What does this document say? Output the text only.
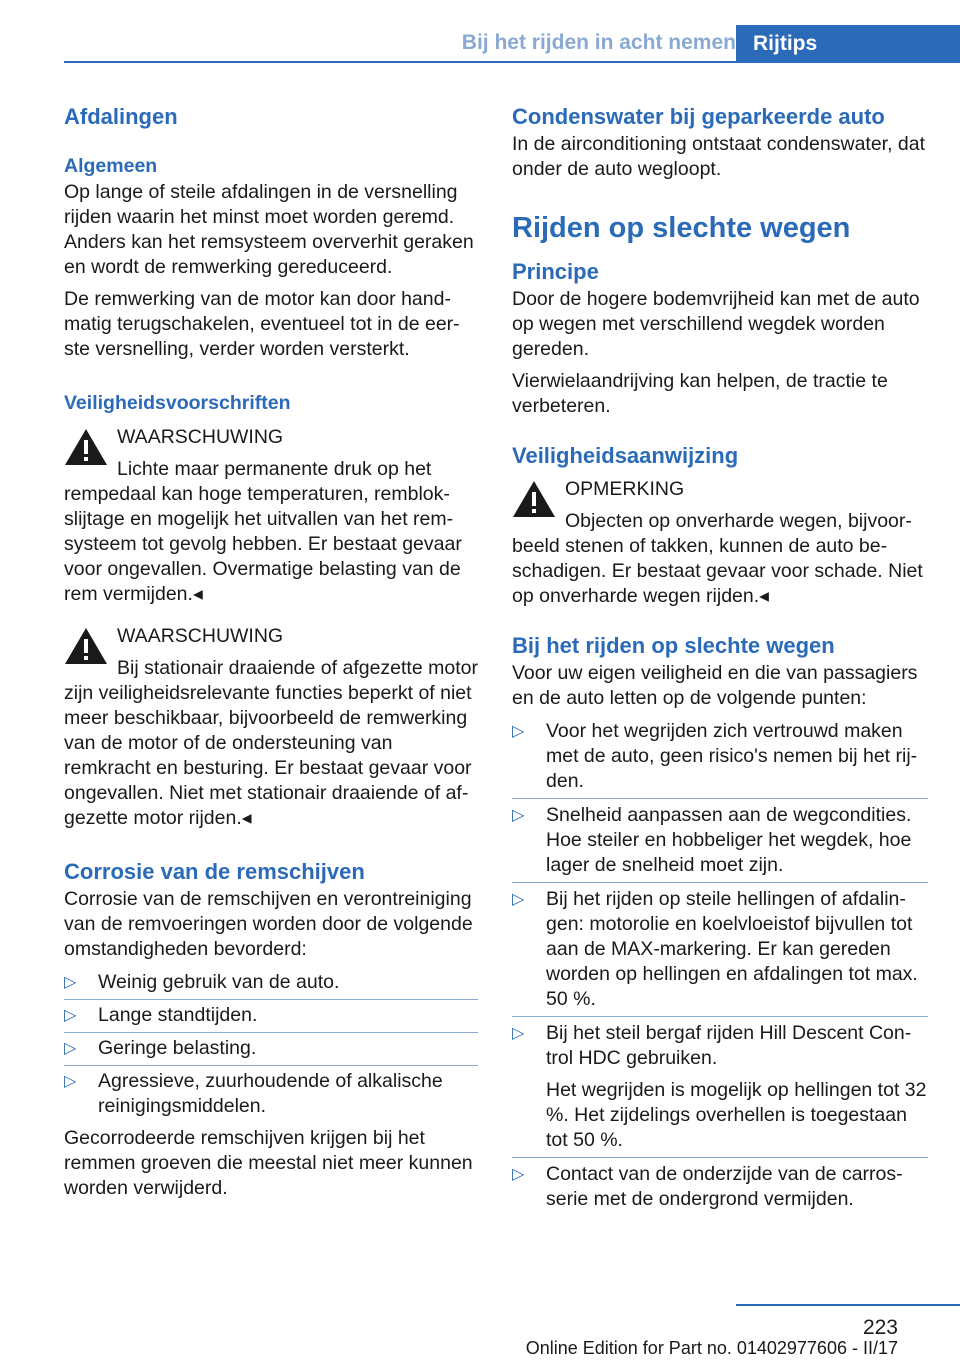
Bij het rijden in acht nemen Rijtips
Afdalingen
Algemeen

Op lange of steile afdalingen in de versnelling rijden waarin het minst moet worden geremd. Anders kan het remsysteem oververhit geraken en wordt de remwerking gereduceerd.

De remwerking van de motor kan door handmatig terugschakelen, eventueel tot in de eerste versnelling, verder worden versterkt.

Veiligheidsvoorschriften

WAARSCHUWING

Lichte maar permanente druk op het rempedaal kan hoge temperaturen, remblokslijtage en mogelijk het uitvallen van het remsysteem tot gevolg hebben. Er bestaat gevaar voor ongevallen. Overmatige belasting van de rem vermijden.◂

WAARSCHUWING

Bij stationair draaiende of afgezette motor zijn veiligheidsrelevante functies beperkt of niet meer beschikbaar, bijvoorbeeld de remwerking van de motor of de ondersteuning van remkracht en besturing. Er bestaat gevaar voor ongevallen. Niet met stationair draaiende of afgezette motor rijden.◂

Corrosie van de remschijven

Corrosie van de remschijven en verontreiniging van de remvoeringen worden door de volgende omstandigheden bevorderd:

▷ Weinig gebruik van de auto.
▷ Lange standtijden.
▷ Geringe belasting.
▷ Agressieve, zuurhoudende of alkalische reinigingsmiddelen.

Gecorrodeerde remschijven krijgen bij het remmen groeven die meestal niet meer kunnen worden verwijderd.

Condenswater bij geparkeerde auto

In de airconditioning ontstaat condenswater, dat onder de auto wegloopt.

Rijden op slechte wegen
Principe

Door de hogere bodemvrijheid kan met de auto op wegen met verschillend wegdek worden gereden.

Vierwielaandrijving kan helpen, de tractie te verbeteren.

Veiligheidsaanwijzing

OPMERKING

Objecten op onverharde wegen, bijvoorbeeld stenen of takken, kunnen de auto beschadigen. Er bestaat gevaar voor schade. Niet op onverharde wegen rijden.◂

Bij het rijden op slechte wegen

Voor uw eigen veiligheid en die van passagiers en de auto letten op de volgende punten:

▷ Voor het wegrijden zich vertrouwd maken met de auto, geen risico's nemen bij het rijden.
▷ Snelheid aanpassen aan de wegcondities. Hoe steiler en hobbeliger het wegdek, hoe lager de snelheid moet zijn.
▷ Bij het rijden op steile hellingen of afdalingen: motorolie en koelvloeistof bijvullen tot aan de MAX-markering. Er kan gereden worden op hellingen en afdalingen tot max. 50 %.
▷ Bij het steil bergaf rijden Hill Descent Control HDC gebruiken.
Het wegrijden is mogelijk op hellingen tot 32 %. Het zijdelings overhellen is toegestaan tot 50 %.
▷ Contact van de onderzijde van de carrosserie met de ondergrond vermijden.
223
Online Edition for Part no. 01402977606 - II/17
